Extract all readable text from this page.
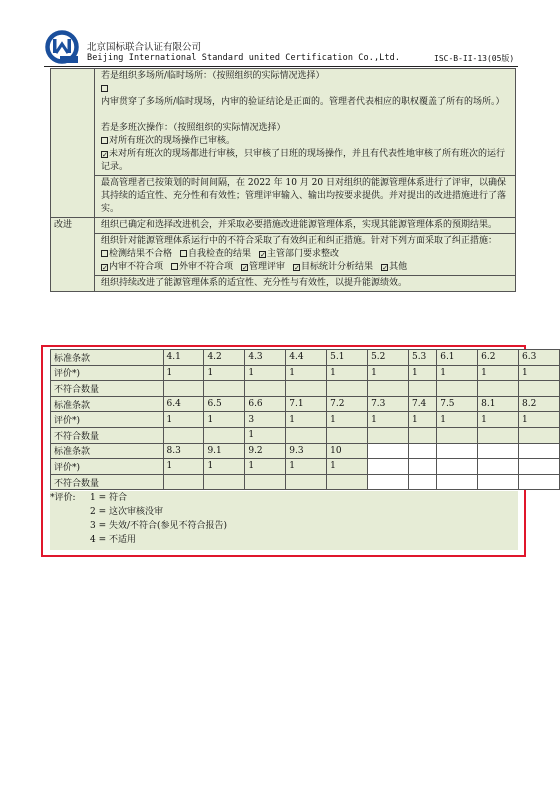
北京国标联合认证有限公司
Beijing International Standard united Certification Co.,Ltd.	ISC-B-II-13(05版)

	若是组织多场所/临时场所：（按照组织的实际情况选择）
内审贯穿了多场所/临时现场，内审的验证结论是正面的。管理者代表相应的职权覆盖了所有的场所。）
若是多班次操作：（按照组织的实际情况选择）
对所有班次的现场操作已审核。
✓未对所有班次的现场都进行审核，只审核了日班的现场操作，并且有代表性地审核了所有班次的运行记录。

	最高管理者已按策划的时间间隔，在 2022 年 10 月 20 日对组织的能源管理体系进行了评审，以确保其持续的适宜性、充分性和有效性；管理评审输入、输出均按要求提供。并对提出的改进措施进行了落实。
改进	组织已确定和选择改进机会，并采取必要措施改进能源管理体系，实现其能源管理体系的预期结果。

	组织针对能源管理体系运行中的不符合采取了有效纠正和纠正措施。针对下列方面采取了纠正措施：
检测结果不合格 自我检查的结果 ✓ 主管部门要求整改
✓内审不符合项 外审不符合项 ✓ 管理评审 ✓ 目标统计分析结果 ✓ 其他

	组织持续改进了能源管理体系的适宜性、充分性与有效性，以提升能源绩效。
标准条款	4.1	4.2	4.3	4.4	5.1	5.2	5.3	6.1	6.2	6.3
评价*)	1	1	1	1	1	1	1	1	1	1
不符合数量										
标准条款	6.4	6.5	6.6	7.1	7.2	7.3	7.4	7.5	8.1	8.2
评价*)	1	1	3	1	1	1	1	1	1	1
不符合数量			1							
标准条款	8.3	9.1	9.2	9.3	10					
评价*)	1	1	1	1	1					
不符合数量										
*评价: 1 = 符合
2 = 这次审核没审
3 = 失效/不符合(参见不符合报告)
4 = 不适用
